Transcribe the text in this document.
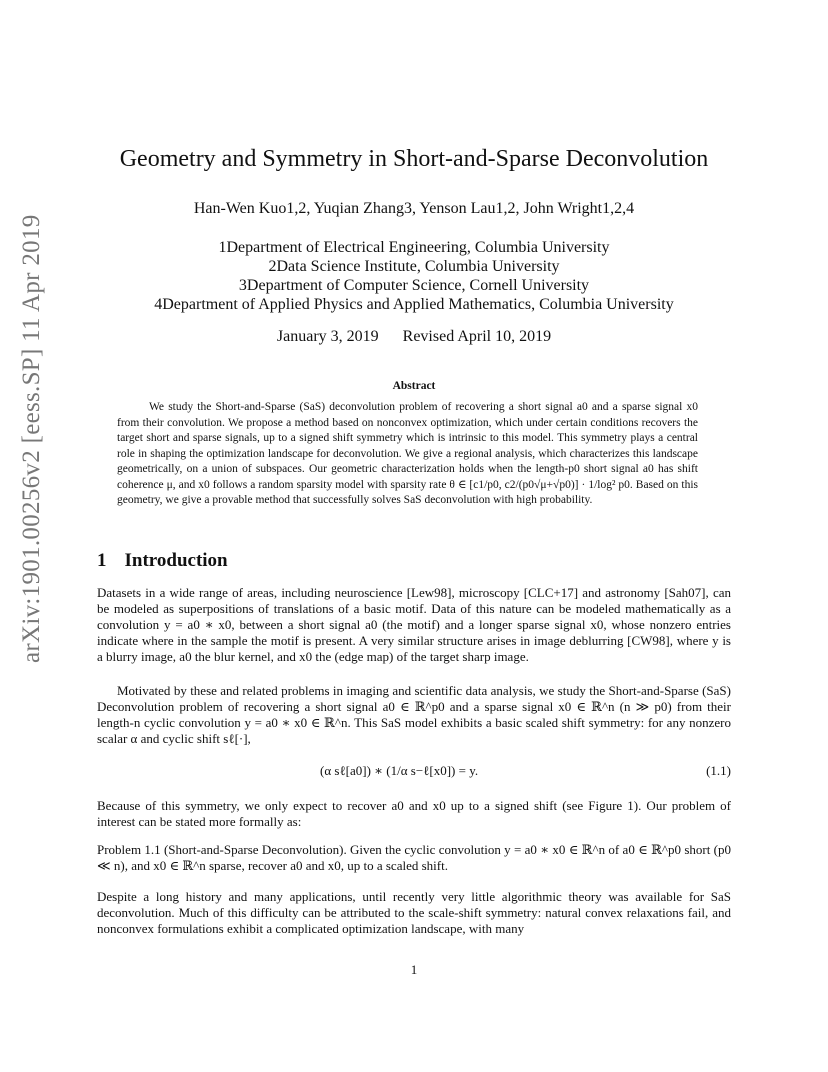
arXiv:1901.00256v2 [eess.SP] 11 Apr 2019
Geometry and Symmetry in Short-and-Sparse Deconvolution
Han-Wen Kuo1,2, Yuqian Zhang3, Yenson Lau1,2, John Wright1,2,4
1Department of Electrical Engineering, Columbia University
2Data Science Institute, Columbia University
3Department of Computer Science, Cornell University
4Department of Applied Physics and Applied Mathematics, Columbia University
January 3, 2019 Revised April 10, 2019
Abstract
We study the Short-and-Sparse (SaS) deconvolution problem of recovering a short signal a0 and a sparse signal x0 from their convolution. We propose a method based on nonconvex optimization, which under certain conditions recovers the target short and sparse signals, up to a signed shift symmetry which is intrinsic to this model. This symmetry plays a central role in shaping the optimization landscape for deconvolution. We give a regional analysis, which characterizes this landscape geometrically, on a union of subspaces. Our geometric characterization holds when the length-p0 short signal a0 has shift coherence μ, and x0 follows a random sparsity model with sparsity rate θ ∈ [c1/p0, c2/(p0√μ+√p0)] · 1/log² p0. Based on this geometry, we give a provable method that successfully solves SaS deconvolution with high probability.
1 Introduction
Datasets in a wide range of areas, including neuroscience [Lew98], microscopy [CLC+17] and astronomy [Sah07], can be modeled as superpositions of translations of a basic motif. Data of this nature can be modeled mathematically as a convolution y = a0 ∗ x0, between a short signal a0 (the motif) and a longer sparse signal x0, whose nonzero entries indicate where in the sample the motif is present. A very similar structure arises in image deblurring [CW98], where y is a blurry image, a0 the blur kernel, and x0 the (edge map) of the target sharp image.
Motivated by these and related problems in imaging and scientific data analysis, we study the Short-and-Sparse (SaS) Deconvolution problem of recovering a short signal a0 ∈ ℝ^p0 and a sparse signal x0 ∈ ℝ^n (n ≫ p0) from their length-n cyclic convolution y = a0 ∗ x0 ∈ ℝ^n. This SaS model exhibits a basic scaled shift symmetry: for any nonzero scalar α and cyclic shift sℓ[·],
(α sℓ[a0]) ∗ (1/α s−ℓ[x0]) = y.	(1.1)
Because of this symmetry, we only expect to recover a0 and x0 up to a signed shift (see Figure 1). Our problem of interest can be stated more formally as:
Problem 1.1 (Short-and-Sparse Deconvolution). Given the cyclic convolution y = a0 ∗ x0 ∈ ℝ^n of a0 ∈ ℝ^p0 short (p0 ≪ n), and x0 ∈ ℝ^n sparse, recover a0 and x0, up to a scaled shift.
Despite a long history and many applications, until recently very little algorithmic theory was available for SaS deconvolution. Much of this difficulty can be attributed to the scale-shift symmetry: natural convex relaxations fail, and nonconvex formulations exhibit a complicated optimization landscape, with many
1
